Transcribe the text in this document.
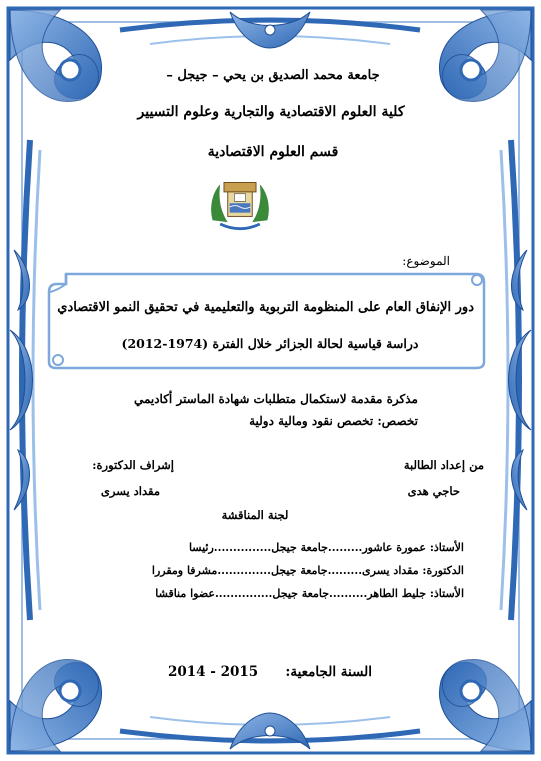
جامعة محمد الصديق بن يحي – جيجل –
كلية العلوم الاقتصادية والتجارية وعلوم التسيير
قسم العلوم الاقتصادية
الموضوع:
دور الإنفاق العام على المنظومة التربوية والتعليمية في تحقيق النمو الاقتصادي
دراسة قياسية لحالة الجزائر خلال الفترة (1974-2012)
مذكرة مقدمة لاستكمال متطلبات شهادة الماستر أكاديمي
تخصص: تخصص نقود ومالية دولية
من إعداد الطالبة
إشراف الدكتورة:
حاجي هدى
مقداد يسرى
لجنة المناقشة
الأستاذ: عمورة عاشور.........جامعة جيجل...............رئيسا
الدكتورة: مقداد يسرى.........جامعة جيجل..............مشرفا ومقررا
الأستاذ: جليط الطاهر..........جامعة جيجل...............عضوا مناقشا
السنة الجامعية:
2014 - 2015
